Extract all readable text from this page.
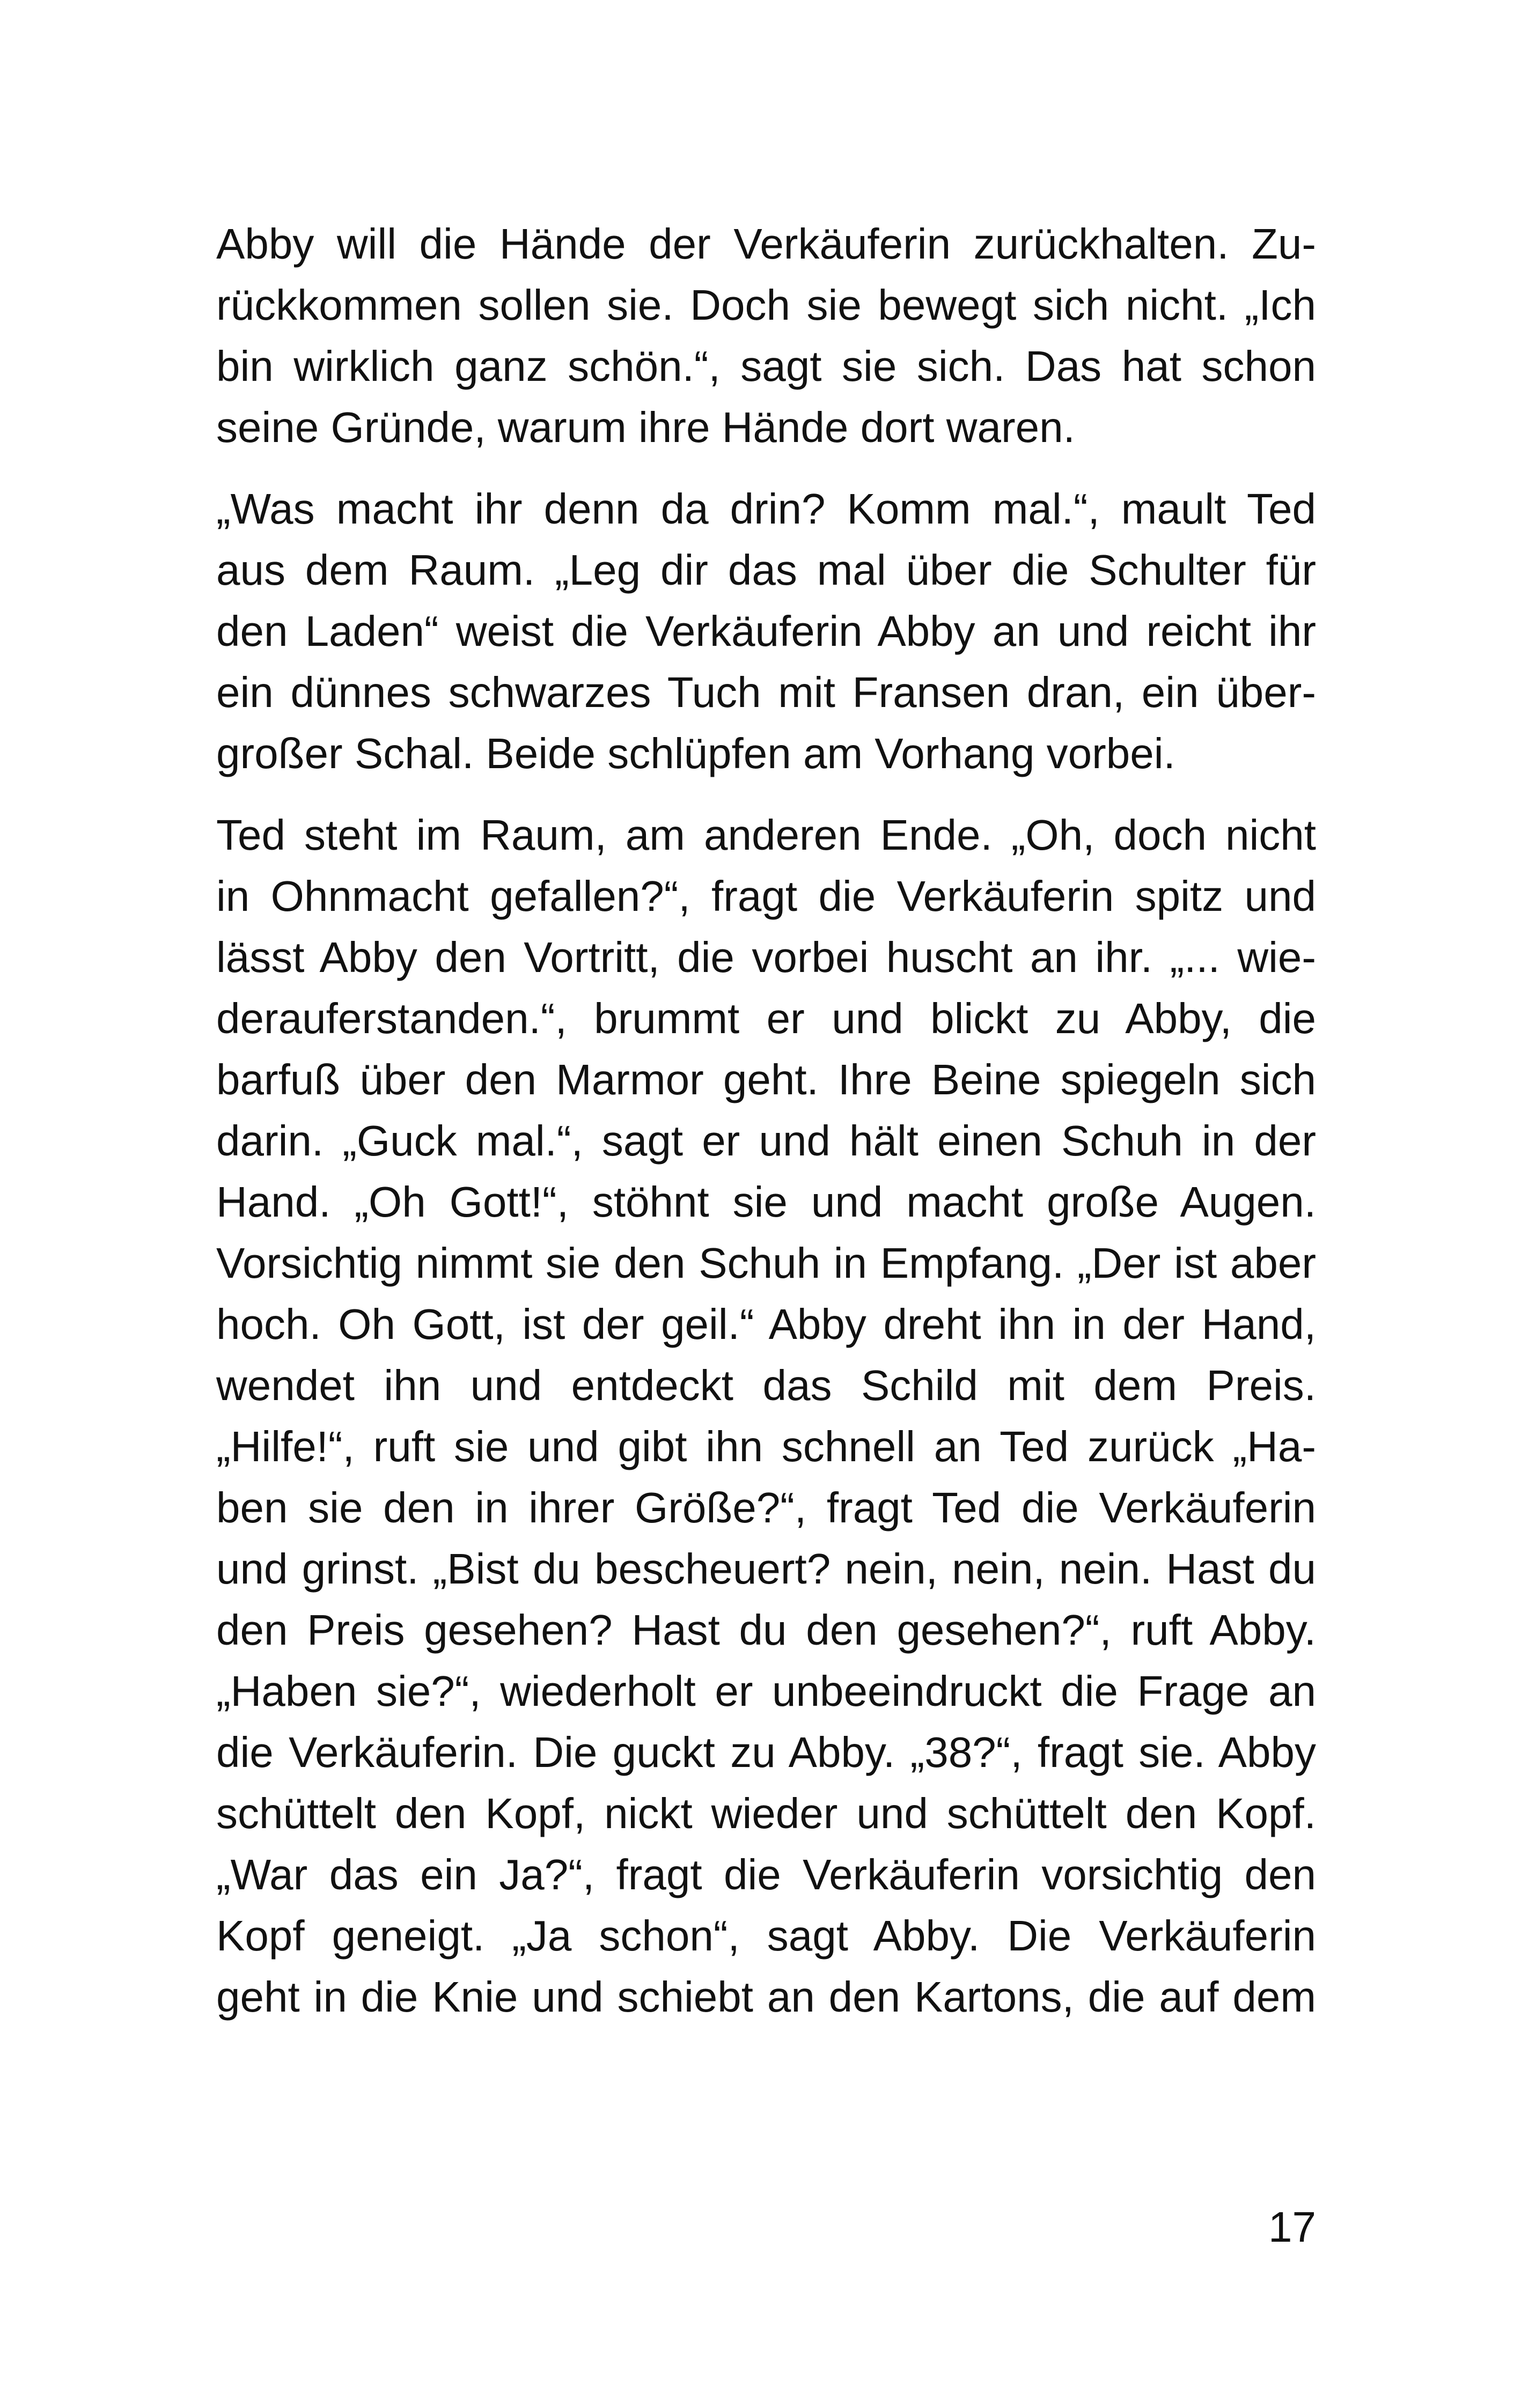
Abby will die Hände der Verkäuferin zurückhalten. Zu-
rückkommen sollen sie. Doch sie bewegt sich nicht. „Ich
bin wirklich ganz schön.“, sagt sie sich. Das hat schon
seine Gründe, warum ihre Hände dort waren.

„Was macht ihr denn da drin? Komm mal.“, mault Ted
aus dem Raum. „Leg dir das mal über die Schulter für
den Laden“ weist die Verkäuferin Abby an und reicht ihr
ein dünnes schwarzes Tuch mit Fransen dran, ein über-
großer Schal. Beide schlüpfen am Vorhang vorbei.

Ted steht im Raum, am anderen Ende. „Oh, doch nicht
in Ohnmacht gefallen?“, fragt die Verkäuferin spitz und
lässt Abby den Vortritt, die vorbei huscht an ihr. „... wie-
derauferstanden.“, brummt er und blickt zu Abby, die
barfuß über den Marmor geht. Ihre Beine spiegeln sich
darin. „Guck mal.“, sagt er und hält einen Schuh in der
Hand. „Oh Gott!“, stöhnt sie und macht große Augen.
Vorsichtig nimmt sie den Schuh in Empfang. „Der ist aber
hoch. Oh Gott, ist der geil.“ Abby dreht ihn in der Hand,
wendet ihn und entdeckt das Schild mit dem Preis.
„Hilfe!“, ruft sie und gibt ihn schnell an Ted zurück „Ha-
ben sie den in ihrer Größe?“, fragt Ted die Verkäuferin
und grinst. „Bist du bescheuert? nein, nein, nein. Hast du
den Preis gesehen? Hast du den gesehen?“, ruft Abby.
„Haben sie?“, wiederholt er unbeeindruckt die Frage an
die Verkäuferin. Die guckt zu Abby. „38?“, fragt sie. Abby
schüttelt den Kopf, nickt wieder und schüttelt den Kopf.
„War das ein Ja?“, fragt die Verkäuferin vorsichtig den
Kopf geneigt. „Ja schon“, sagt Abby. Die Verkäuferin
geht in die Knie und schiebt an den Kartons, die auf dem

17
